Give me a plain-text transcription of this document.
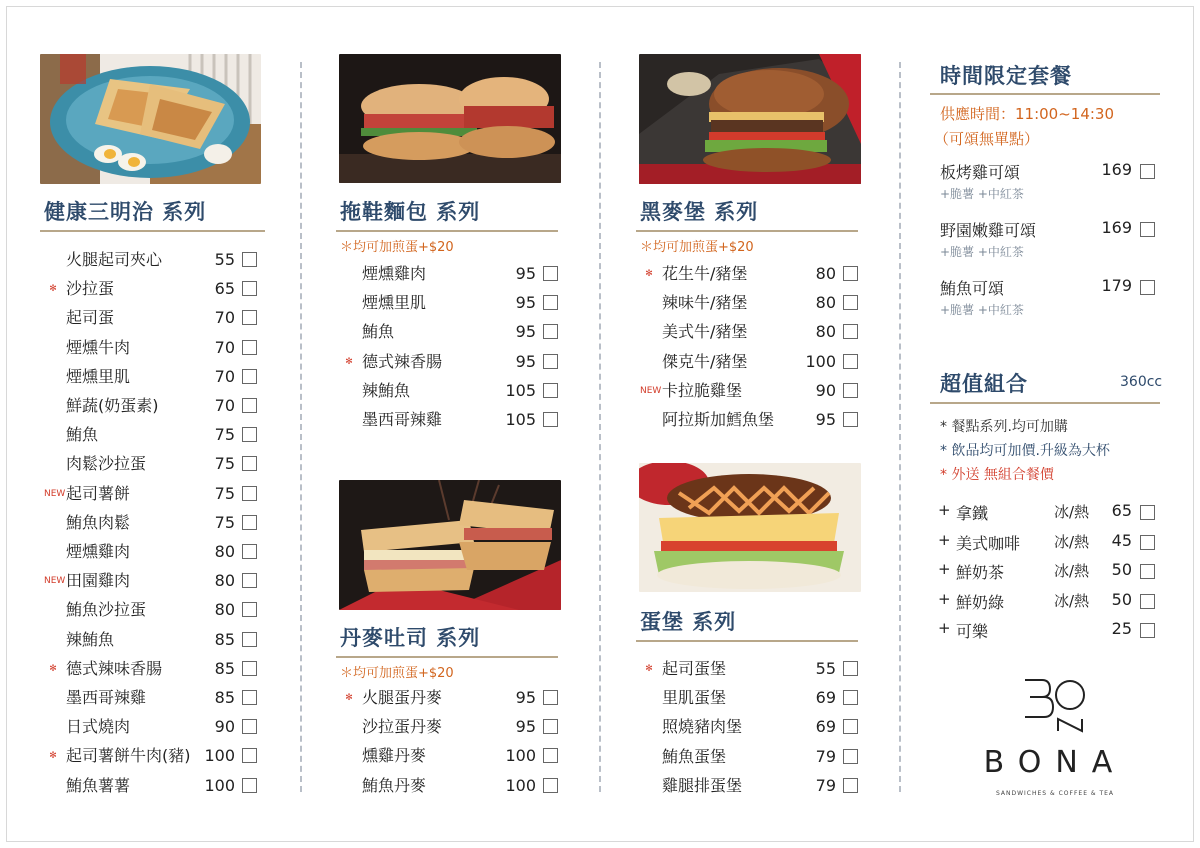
健康三明治 系列
火腿起司夾心	55
✻ 沙拉蛋	65
起司蛋	70
煙燻牛肉	70
煙燻里肌	70
鮮蔬(奶蛋素)	70
鮪魚	75
肉鬆沙拉蛋	75
NEW 起司薯餅	75
鮪魚肉鬆	75
煙燻雞肉	80
NEW 田園雞肉	80
鮪魚沙拉蛋	80
辣鮪魚	85
✻ 德式辣味香腸	85
墨西哥辣雞	85
日式燒肉	90
✻ 起司薯餅牛肉(豬) 100
鮪魚薯薯	100
拖鞋麵包 系列
＊均可加煎蛋+$20
煙燻雞肉	95
煙燻里肌	95
鮪魚	95
✻ 德式辣香腸	95
辣鮪魚	105
墨西哥辣雞	105
丹麥吐司 系列
＊均可加煎蛋+$20
✻ 火腿蛋丹麥	95
沙拉蛋丹麥	95
燻雞丹麥	100
鮪魚丹麥	100
黑麥堡 系列
＊均可加煎蛋+$20
✻ 花生牛/豬堡	80
辣味牛/豬堡	80
美式牛/豬堡	80
傑克牛/豬堡	100
NEW 卡拉脆雞堡	90
阿拉斯加鱈魚堡	95
蛋堡 系列
✻ 起司蛋堡	55
里肌蛋堡	69
照燒豬肉堡	69
鮪魚蛋堡	79
雞腿排蛋堡	79
時間限定套餐
供應時間：11:00~14:30
（可頌無單點）
板烤雞可頌	169
+脆薯 +中紅茶
野園嫩雞可頌	169
+脆薯 +中紅茶
鮪魚可頌	179
+脆薯 +中紅茶
超值組合	360cc
* 餐點系列.均可加購
* 飲品均可加價.升級為大杯
* 外送 無組合餐價
+ 拿鐵	冰/熱	65
+ 美式咖啡 冰/熱	45
+ 鮮奶茶	冰/熱	50
+ 鮮奶綠	冰/熱	50
+ 可樂	25
BONA
SANDWICHES & COFFEE & TEA
